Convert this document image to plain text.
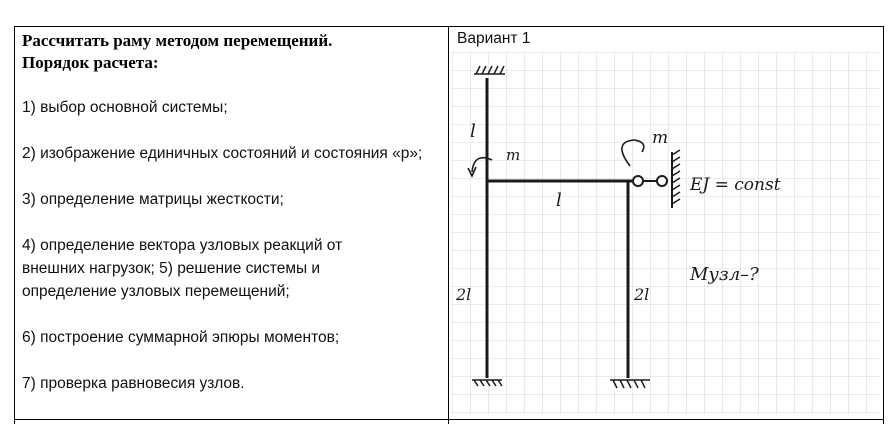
Рассчитать раму методом перемещений.
Порядок расчета:

1) выбор основной системы;

2) изображение единичных состояний и состояния «р»;

3) определение матрицы жесткости;

4) определение вектора узловых реакций от внешних нагрузок; 5) решение системы и определение узловых перемещений;

6) построение суммарной эпюры моментов;

7) проверка равновесия узлов.

Вариант 1
l
m
m
l
EJ = const
Mузл–?
2l	2l
